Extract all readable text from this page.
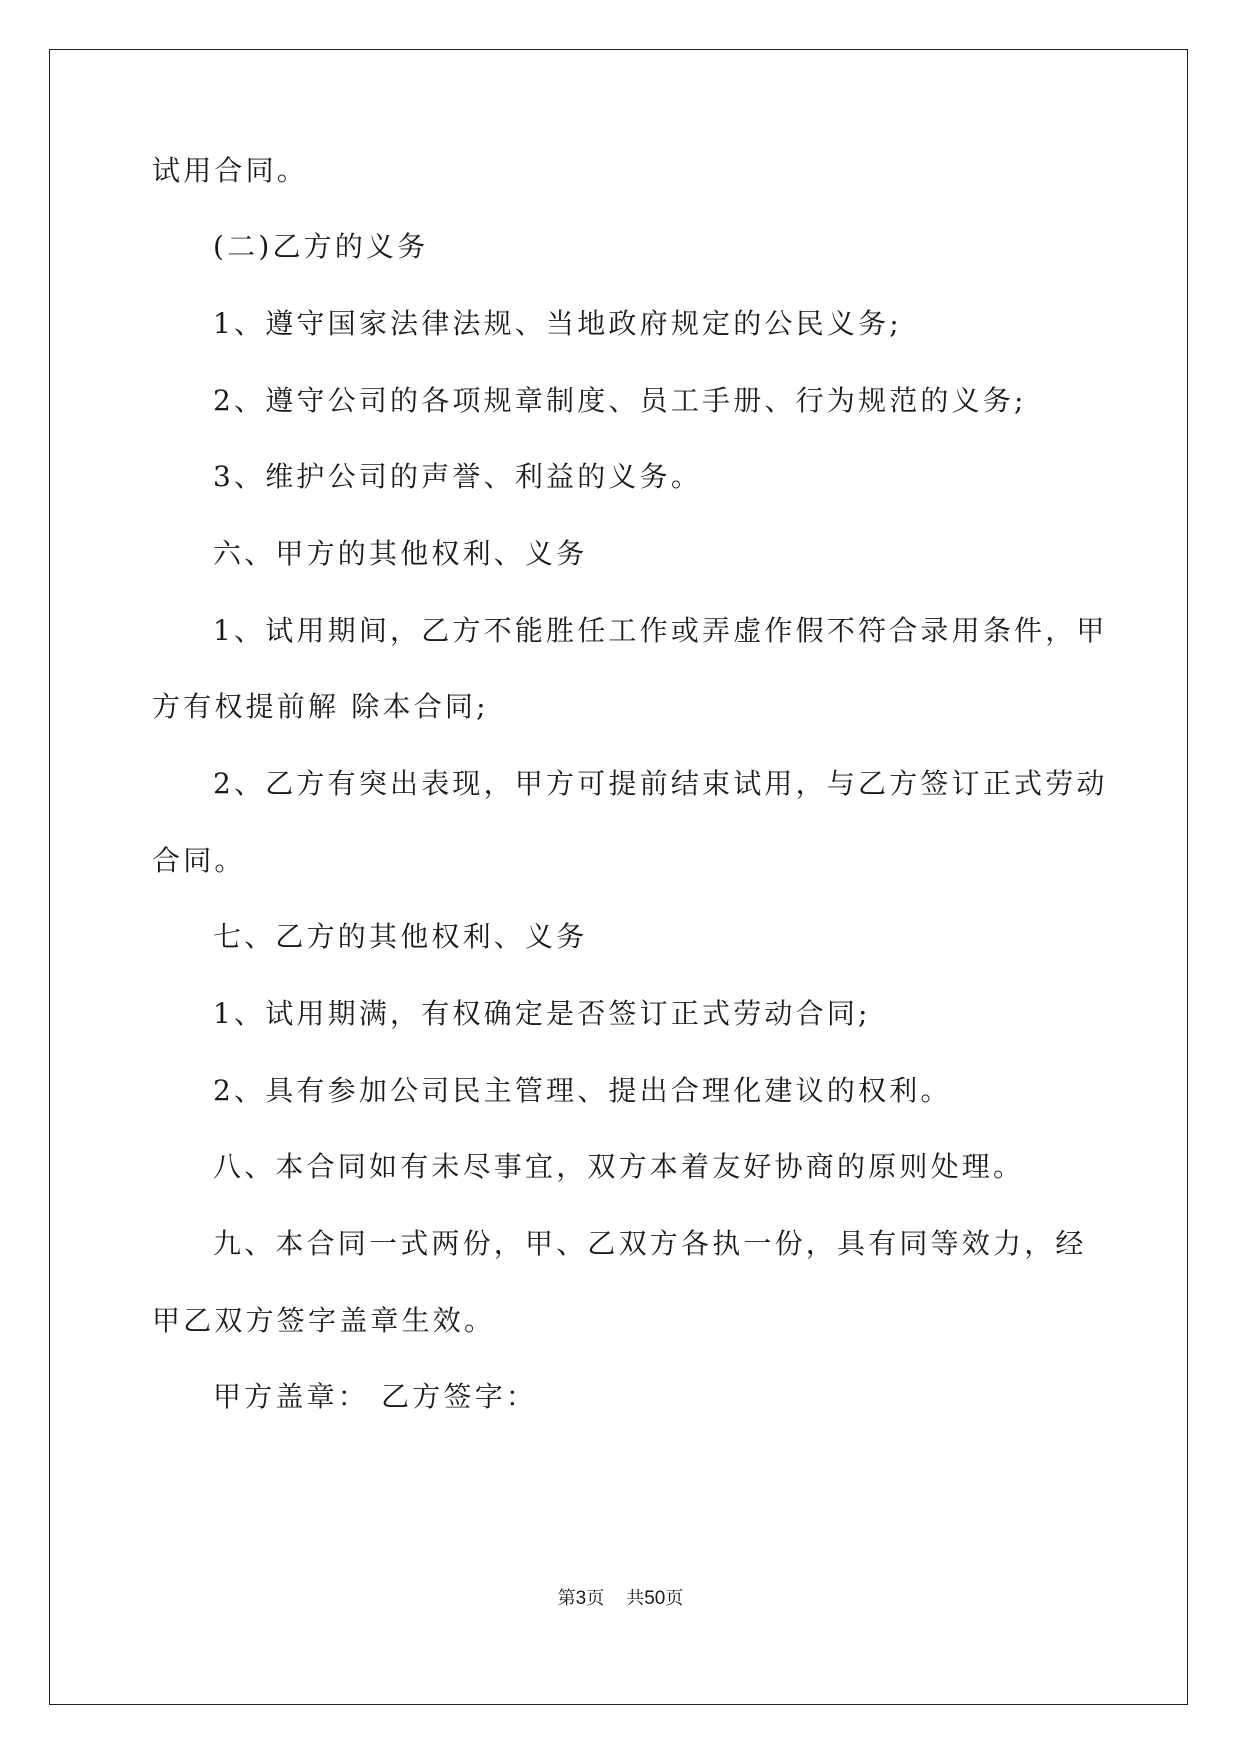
试用合同。
(二)乙方的义务
1、遵守国家法律法规、当地政府规定的公民义务;
2、遵守公司的各项规章制度、员工手册、行为规范的义务;
3、维护公司的声誉、利益的义务。
六、甲方的其他权利、义务
1、试用期间，乙方不能胜任工作或弄虚作假不符合录用条件，甲
方有权提前解 除本合同;
2、乙方有突出表现，甲方可提前结束试用，与乙方签订正式劳动
合同。
七、乙方的其他权利、义务
1、试用期满，有权确定是否签订正式劳动合同;
2、具有参加公司民主管理、提出合理化建议的权利。
八、本合同如有未尽事宜，双方本着友好协商的原则处理。
九、本合同一式两份，甲、乙双方各执一份，具有同等效力，经
甲乙双方签字盖章生效。
甲方盖章： 乙方签字：
第3页 共50页
